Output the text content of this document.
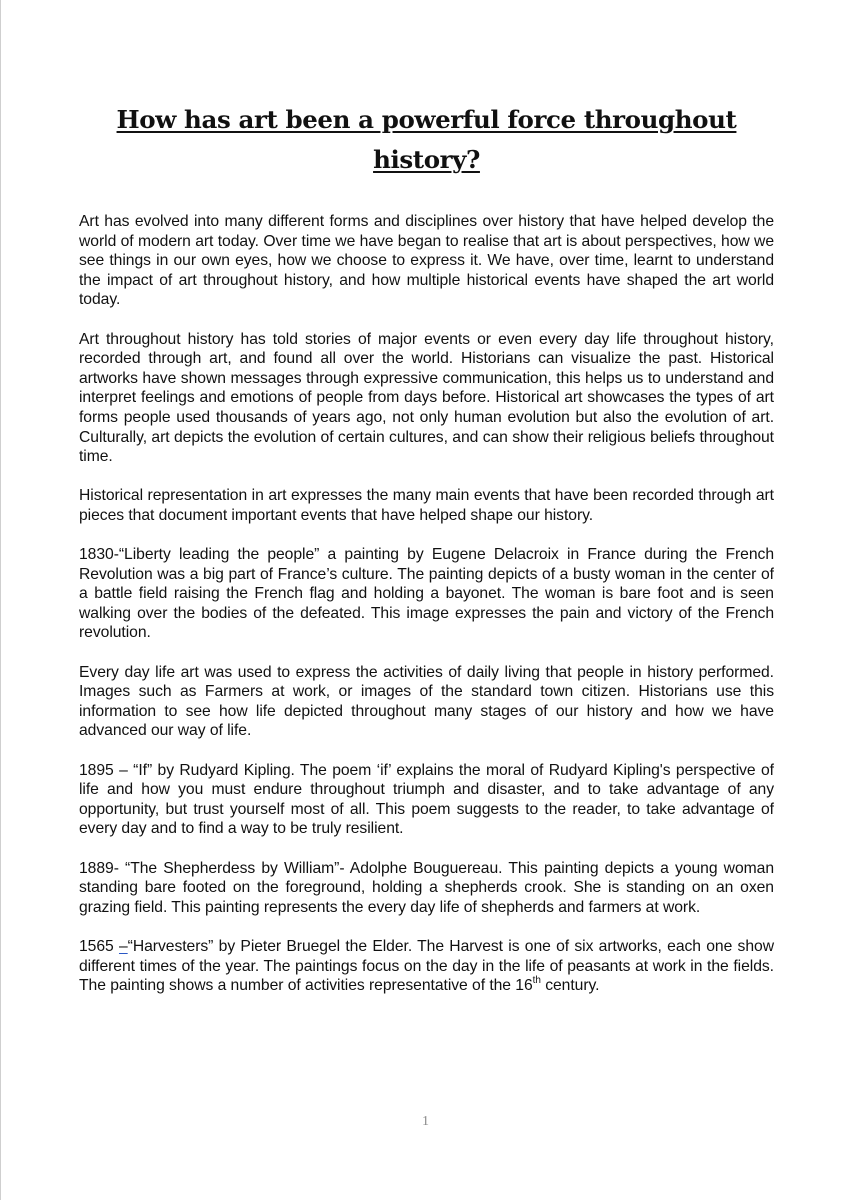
How has art been a powerful force throughout history?

Art has evolved into many different forms and disciplines over history that have helped develop the world of modern art today. Over time we have began to realise that art is about perspectives, how we see things in our own eyes, how we choose to express it. We have, over time, learnt to understand the impact of art throughout history, and how multiple historical events have shaped the art world today.

Art throughout history has told stories of major events or even every day life throughout history, recorded through art, and found all over the world. Historians can visualize the past. Historical artworks have shown messages through expressive communication, this helps us to understand and interpret feelings and emotions of people from days before. Historical art showcases the types of art forms people used thousands of years ago, not only human evolution but also the evolution of art. Culturally, art depicts the evolution of certain cultures, and can show their religious beliefs throughout time.

Historical representation in art expresses the many main events that have been recorded through art pieces that document important events that have helped shape our history.

1830-“Liberty leading the people” a painting by Eugene Delacroix in France during the French Revolution was a big part of France’s culture. The painting depicts of a busty woman in the center of a battle field raising the French flag and holding a bayonet. The woman is bare foot and is seen walking over the bodies of the defeated. This image expresses the pain and victory of the French revolution.

Every day life art was used to express the activities of daily living that people in history performed. Images such as Farmers at work, or images of the standard town citizen. Historians use this information to see how life depicted throughout many stages of our history and how we have advanced our way of life.

1895 – “If” by Rudyard Kipling. The poem ‘if’ explains the moral of Rudyard Kipling's perspective of life and how you must endure throughout triumph and disaster, and to take advantage of any opportunity, but trust yourself most of all. This poem suggests to the reader, to take advantage of every day and to find a way to be truly resilient.

1889- “The Shepherdess by William”- Adolphe Bouguereau. This painting depicts a young woman standing bare footed on the foreground, holding a shepherds crook. She is standing on an oxen grazing field. This painting represents the every day life of shepherds and farmers at work.

1565 –“Harvesters” by Pieter Bruegel the Elder. The Harvest is one of six artworks, each one show different times of the year. The paintings focus on the day in the life of peasants at work in the fields. The painting shows a number of activities representative of the 16th century.

1
